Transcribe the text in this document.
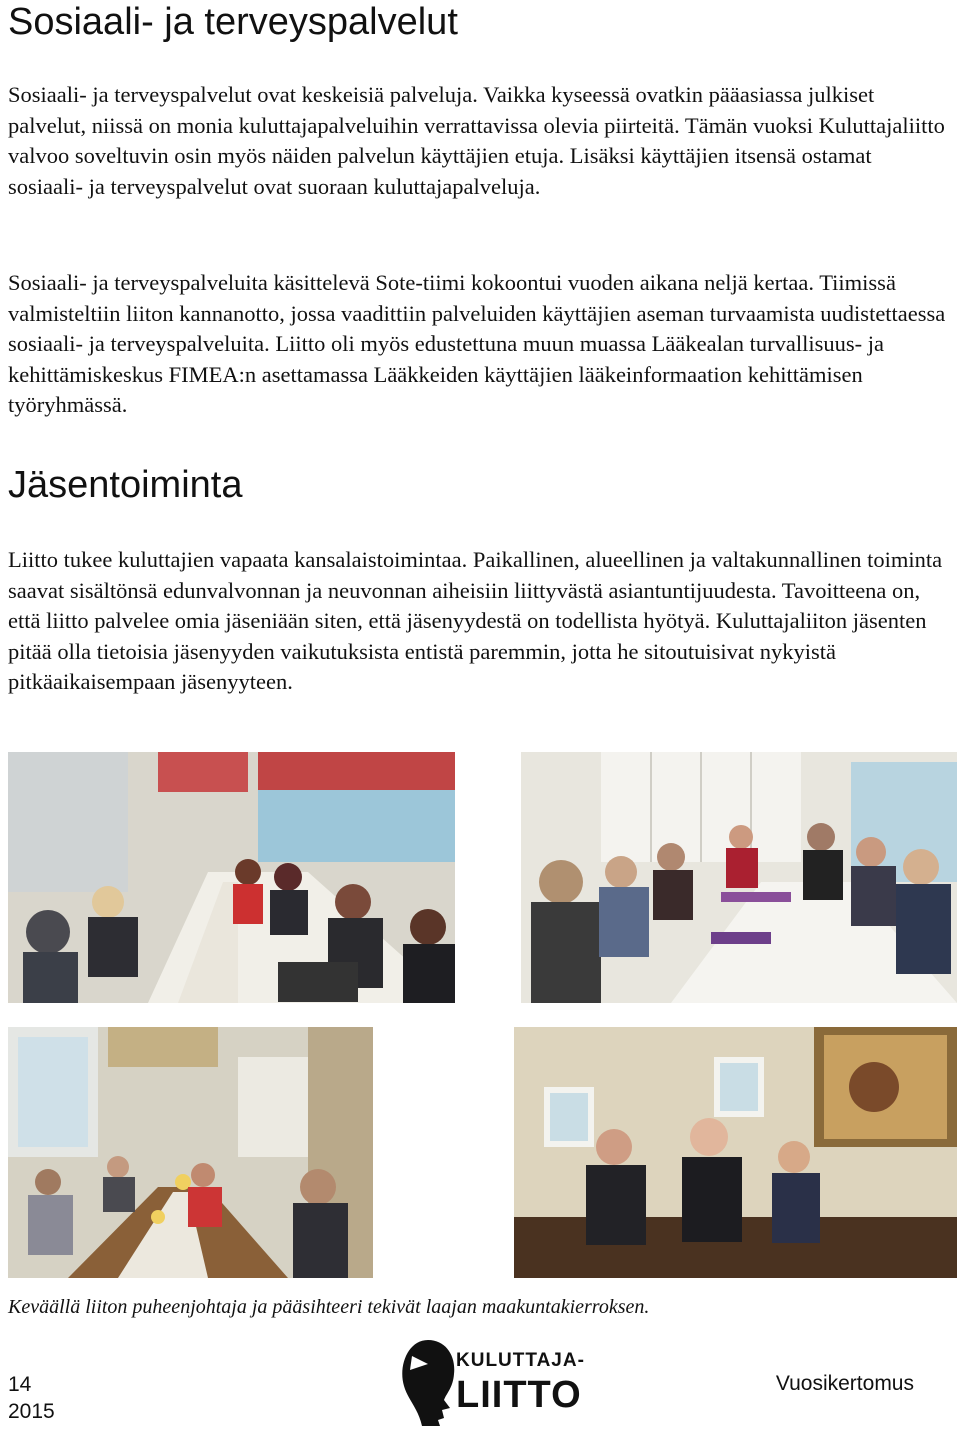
Sosiaali- ja terveyspalvelut

Sosiaali- ja terveyspalvelut ovat keskeisiä palveluja. Vaikka kyseessä ovatkin pääasiassa julkiset palvelut, niissä on monia kuluttajapalveluihin verrattavissa olevia piirteitä. Tämän vuoksi Kuluttajaliitto valvoo soveltuvin osin myös näiden palvelun käyttäjien etuja. Lisäksi käyttäjien itsensä ostamat sosiaali- ja terveyspalvelut ovat suoraan kuluttajapalveluja.

Sosiaali- ja terveyspalveluita käsittelevä Sote-tiimi kokoontui vuoden aikana neljä kertaa. Tiimissä valmisteltiin liiton kannanotto, jossa vaadittiin palveluiden käyttäjien aseman turvaamista uudistettaessa sosiaali- ja terveyspalveluita. Liitto oli myös edustettuna muun muassa Lääkealan turvallisuus- ja kehittämiskeskus FIMEA:n asettamassa Lääkkeiden käyttäjien lääkeinformaation kehittämisen työryhmässä.

Jäsentoiminta

Liitto tukee kuluttajien vapaata kansalaistoimintaa. Paikallinen, alueellinen ja valtakunnallinen toiminta saavat sisältönsä edunvalvonnan ja neuvonnan aiheisiin liittyvästä asiantuntijuudesta. Tavoitteena on, että liitto palvelee omia jäseniään siten, että jäsenyydestä on todellista hyötyä. Kuluttajaliiton jäsenten pitää olla tietoisia jäsenyyden vaikutuksista entistä paremmin, jotta he sitoutuisivat nykyistä pitkäaikaisempaan jäsenyyteen.

Keväällä liiton puheenjohtaja ja pääsihteeri tekivät laajan maakuntakierroksen.

14
2015
KULUTTAJA-
LIITTO	Vuosikertomus
